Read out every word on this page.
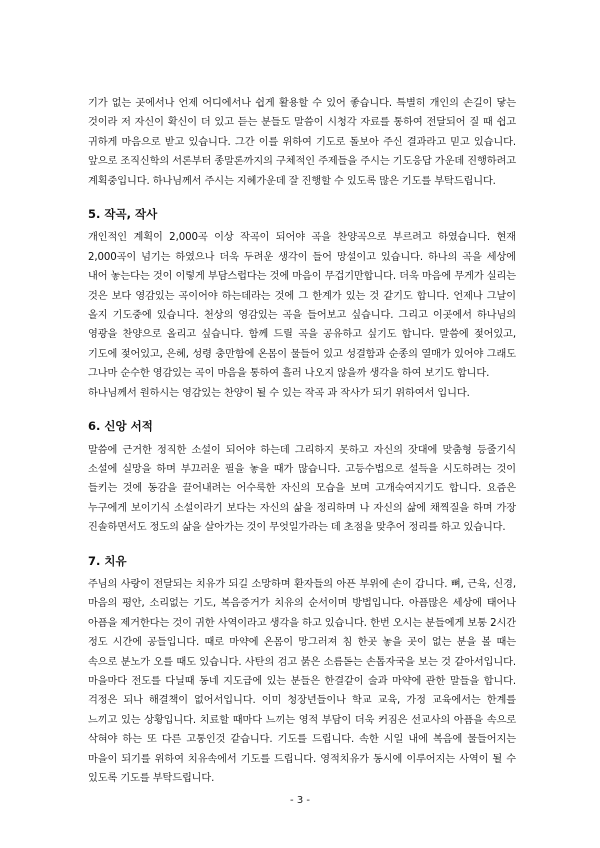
기가 없는 곳에서나 언제 어디에서나 쉽게 활용할 수 있어 좋습니다. 특별히 개인의 손길이 닿는 것이라 저 자신이 확신이 더 있고 듣는 분들도 말씀이 시청각 자료를 통하여 전달되어 질 때 쉽고 귀하게 마음으로 받고 있습니다. 그간 이를 위하여 기도로 돌보아 주신 결과라고 믿고 있습니다. 앞으로 조직신학의 서론부터 종말론까지의 구체적인 주제들을 주시는 기도응답 가운데 진행하려고 계획중입니다. 하나님께서 주시는 지혜가운데 잘 진행할 수 있도록 많은 기도를 부탁드립니다.

5. 작곡, 작사

개인적인 계획이 2,000곡 이상 작곡이 되어야 곡을 찬양곡으로 부르려고 하였습니다. 현재 2,000곡이 넘기는 하였으나 더욱 두려운 생각이 들어 망설이고 있습니다. 하나의 곡을 세상에 내어 놓는다는 것이 이렇게 부담스럽다는 것에 마음이 무겁기만합니다. 더욱 마음에 무게가 실리는 것은 보다 영감있는 곡이어야 하는데라는 것에 그 한계가 있는 것 같기도 합니다. 언제나 그날이 올지 기도중에 있습니다. 천상의 영감있는 곡을 들어보고 싶습니다. 그리고 이곳에서 하나님의 영광을 찬양으로 올리고 싶습니다. 함께 드릴 곡을 공유하고 싶기도 합니다. 말씀에 젖어있고, 기도에 젖어있고, 은혜, 성령 충만함에 온몸이 물들어 있고 성결함과 순종의 열매가 있어야 그래도 그나마 순수한 영감있는 곡이 마음을 통하여 흘러 나오지 않을까 생각을 하여 보기도 합니다.

하나님께서 원하시는 영감있는 찬양이 될 수 있는 작곡 과 작사가 되기 위하여서 입니다.

6. 신앙 서적

말씀에 근거한 정직한 소설이 되어야 하는데 그리하지 못하고 자신의 잣대에 맞춤형 등줄기식 소설에 실망을 하며 부끄러운 필을 놓을 때가 많습니다. 고등수법으로 설득을 시도하려는 것이 들키는 것에 동감을 끌어내려는 어수룩한 자신의 모습을 보며 고개숙여지기도 합니다. 요즘은 누구에게 보이기식 소설이라기 보다는 자신의 삶을 정리하며 나 자신의 삶에 채찍질을 하며 가장 진솔하면서도 정도의 삶을 살아가는 것이 무엇일가라는 데 초점을 맞추어 정리를 하고 있습니다.

7. 치유

주님의 사랑이 전달되는 치유가 되길 소망하며 환자들의 아픈 부위에 손이 갑니다. 뼈, 근육, 신경, 마음의 평안, 소리없는 기도, 복음증거가 치유의 순서이며 방법입니다. 아픔많은 세상에 태어나 아픔을 제거한다는 것이 귀한 사역이라고 생각을 하고 있습니다. 한번 오시는 분들에게 보통 2시간 정도 시간에 공들입니다. 때로 마약에 온몸이 망그러져 침 한곳 놓을 곳이 없는 분을 볼 때는 속으로 분노가 오를 때도 있습니다. 사탄의 검고 붉은 소름돋는 손톱자국을 보는 것 같아서입니다. 마을마다 전도를 다닐때 동네 지도급에 있는 분들은 한결같이 술과 마약에 관한 말들을 합니다. 걱정은 되나 해결책이 없어서입니다. 이미 청장년들이나 학교 교육, 가정 교육에서는 한계를 느끼고 있는 상황입니다. 치료할 때마다 느끼는 영적 부담이 더욱 커짐은 선교사의 아픔을 속으로 삭혀야 하는 또 다른 고통인것 같습니다. 기도를 드립니다. 속한 시일 내에 복음에 물들어지는 마을이 되기를 위하여 치유속에서 기도를 드립니다. 영적치유가 동시에 이루어지는 사역이 될 수 있도록 기도를 부탁드립니다.

- 3 -
